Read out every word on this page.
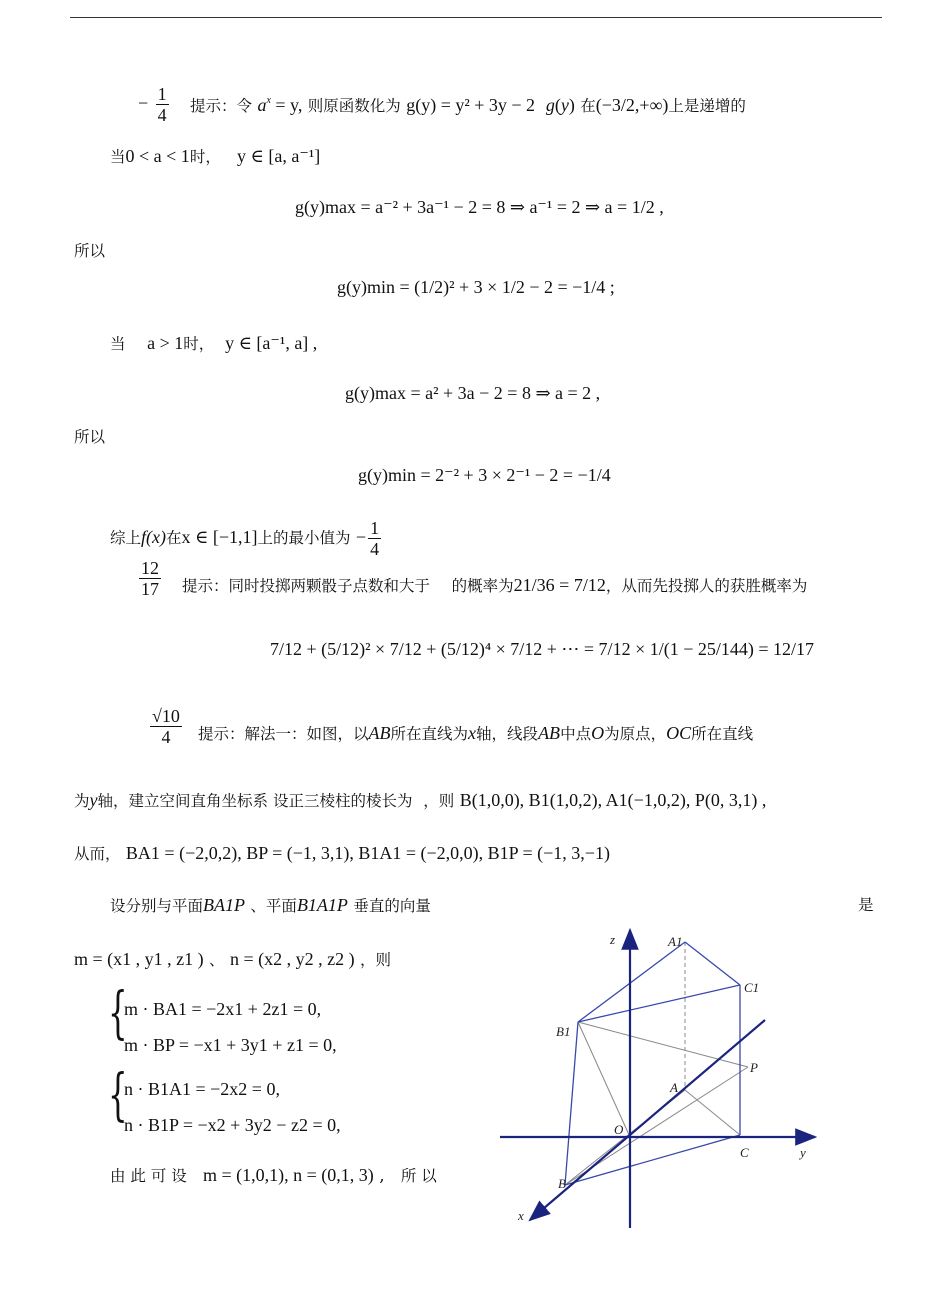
− $\frac{1}{4}$ 提示：令 $a^x = y$, 则原函数化为 g(y) = y² + 3y − 2 g(y) 在(−3/2,+∞)上是递增的
当0 < a < 1时， y ∈ [a, a⁻¹]
g(y)max = a⁻² + 3a⁻¹ − 2 = 8 ⇒ a⁻¹ = 2 ⇒ a = 1/2 ,
所以
g(y)min = (1/2)² + 3 × 1/2 − 2 = −1/4 ;
当 a > 1时， y ∈ [a⁻¹, a] ,
g(y)max = a² + 3a − 2 = 8 ⇒ a = 2 ,
所以
g(y)min = 2⁻² + 3 × 2⁻¹ − 2 = −1/4
综上f(x)在x ∈ [−1,1]上的最小值为 − $\frac{1}{4}$
$\frac{12}{17}$ 提示：同时投掷两颗骰子点数和大于 的概率为21/36 = 7/12，从而先投掷人的获胜概率为
7/12 + (5/12)² × 7/12 + (5/12)⁴ × 7/12 + ⋯ = 7/12 × 1/(1 − 25/144) = 12/17
$\frac{√10}{4}$ 提示：解法一：如图，以AB所在直线为x轴，线段AB中点O为原点，OC所在直线
为y轴，建立空间直角坐标系 设正三棱柱的棱长为 ，则 B(1,0,0), B1(1,0,2), A1(−1,0,2), P(0, 3,1) ,
从而， BA1 = (−2,0,2), BP = (−1, 3,1), B1A1 = (−2,0,0), B1P = (−1, 3,−1)
设分别与平面BA1P 、平面B1A1P 垂直的向量	是
m = (x1 , y1 , z1 ) 、 n = (x2 , y2 , z2 ) ，则
{
m · BA1 = −2x1 + 2z1 = 0,
m · BP = −x1 + 3y1 + z1 = 0,
{
n · B1A1 = −2x2 = 0,
n · B1P = −x2 + 3y2 − z2 = 0,
由 此 可 设 m = (1,0,1), n = (0,1, 3) ,   所 以
z	A1
C1
B1
P
A
O
C	y
B
x
